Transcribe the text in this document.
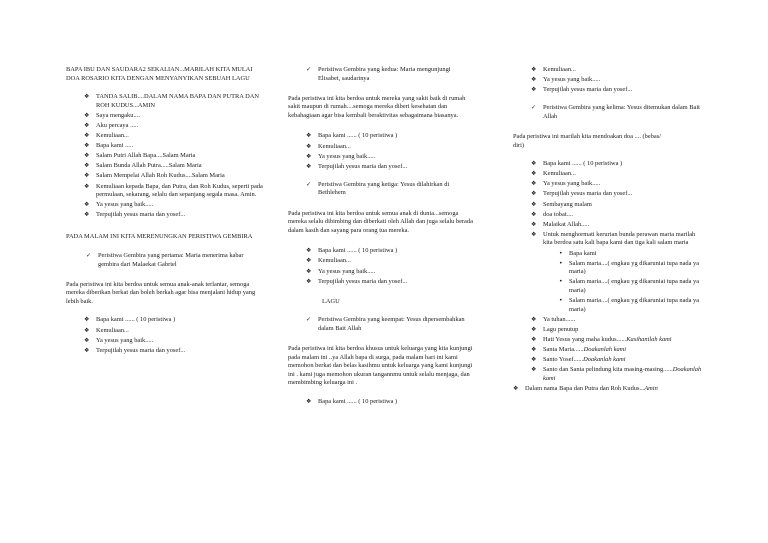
BAPA IBU DAN SAUDARA2 SEKALIAN...MARILAH KITA MULAI DOA ROSARIO KITA DENGAN MENYANYIKAN SEBUAH LAGU

❖	TANDA SALIB....DALAM NAMA BAPA DAN PUTRA DAN ROH KUDUS...AMIN
❖	Saya mengaku....
❖	Aku percaya .....
❖	Kemuliaan...
❖	Bapa kami .....
❖	Salam Putri Allah Bapa....Salam Maria
❖	Salam Bunda Allah Putra.....Salam Maria
❖	Salam Mempelai Allah Roh Kudus....Salam Maria
❖	Kemuliaan kepada Bapa, dan Putra, dan Roh Kudus, seperti pada permulaan, sekarang, selalu dan sepanjang segala masa. Amin.
❖	Ya yesus yang baik.....
❖	Terpujilah yesus maria dan yosef...

PADA MALAM INI KITA MERENUNGKAN PERISTIWA GEMBIRA

✓	Peristiwa Gembira yang pertama: Maria menerima kabar gembira dari Malaekat Gabriel

Pada peristiwa ini kita berdoa untuk semua anak-anak terlantar, semoga mereka diberikan berkat dan boleh berkah agar bisa menjalani hidup yang lebih baik.

❖	Bapa kami ...... ( 10 peristiwa )
❖	Kemuliaan...
❖	Ya yesus yang baik.....
❖	Terpujilah yesus maria dan yosef...
✓	Peristiwa Gembira yang kedua: Maria mengunjungi Elisabet, saudarinya

Pada peristiwa ini kita berdoa untuk mereka yang sakit baik di rumah sakit maupun di rumah....semoga mereka diberi kesehatan dan kebahagiaan agar bisa kembali beraktivitas sebagaimana biasanya.

❖	Bapa kami ...... ( 10 peristiwa )
❖	Kemuliaan...
❖	Ya yesus yang baik.....
❖	Terpujilah yesus maria dan yosef...
✓	Peristiwa Gembira yang ketiga: Yesus dilahirkan di Bethlehem

Pada peristiwa ini kita berdoa untuk semua anak di dunia...semoga mereka selalu dibimbing dan diberkati oleh Allah dan juga selalu berada dalam kasih dan sayang para orang tua mereka.

❖	Bapa kami ...... ( 10 peristiwa )
❖	Kemuliaan...
❖	Ya yesus yang baik.....
❖	Terpujilah yesus maria dan yosef...

LAGU

✓	Peristiwa Gembira yang keempat: Yesus dipersembahkan dalam Bait Allah

Pada peristiwa ini kita berdoa khusus untuk keluarga yang kita kunjungi pada malam ini ..ya Allah bapa di surga, pada malam hari ini kami memohon berkat dan belas kasihmu untuk keluarga yang kami kunjungi ini . kami juga memohon ukuran tangannmu untuk selalu menjaga, dan membimbing keluarga ini .

❖	Bapa kami ...... ( 10 peristiwa )
❖	Kemuliaan...
❖	Ya yesus yang baik.....
❖	Terpujilah yesus maria dan yosef...
✓	Peristiwa Gembira yang kelima: Yesus ditemukan dalam Bait Allah

Pada peristiwa ini marilah kita mendoakan doa .... (bebas/ diri)

❖	Bapa kami ...... ( 10 peristiwa )
❖	Kemuliaan...
❖	Ya yesus yang baik.....
❖	Terpujilah yesus maria dan yosef...
❖	Sembayang malam
❖	doa tobat....
❖	Malaikat Allah.....
❖	Untuk menghormati kerurian bunda perawan maria marilah kita berdoa satu kali bapa kami dan tiga kali salam maria
•	Bapa kami
•	Salam maria....( engkau yg dikaruniai tupa nada ya maria)
•	Salam maria....( engkau yg dikaruniai tupa nada ya maria)
•	Salam maria....( engkau yg dikaruniai tupa nada ya maria)
❖	Ya tuhan......
❖	Lagu penutup
❖	Hati Yesus yang maha kudus......Kasihanilah kami
❖	Santa Maria......Doakanlah kami
❖	Santo Yosef......Doakanlah kami
❖	Santo dan Santa pelindung kita masing-masing......Doakanlah kami
❖	Dalam nama Bapa dan Putra dan Roh Kudus...Amin
